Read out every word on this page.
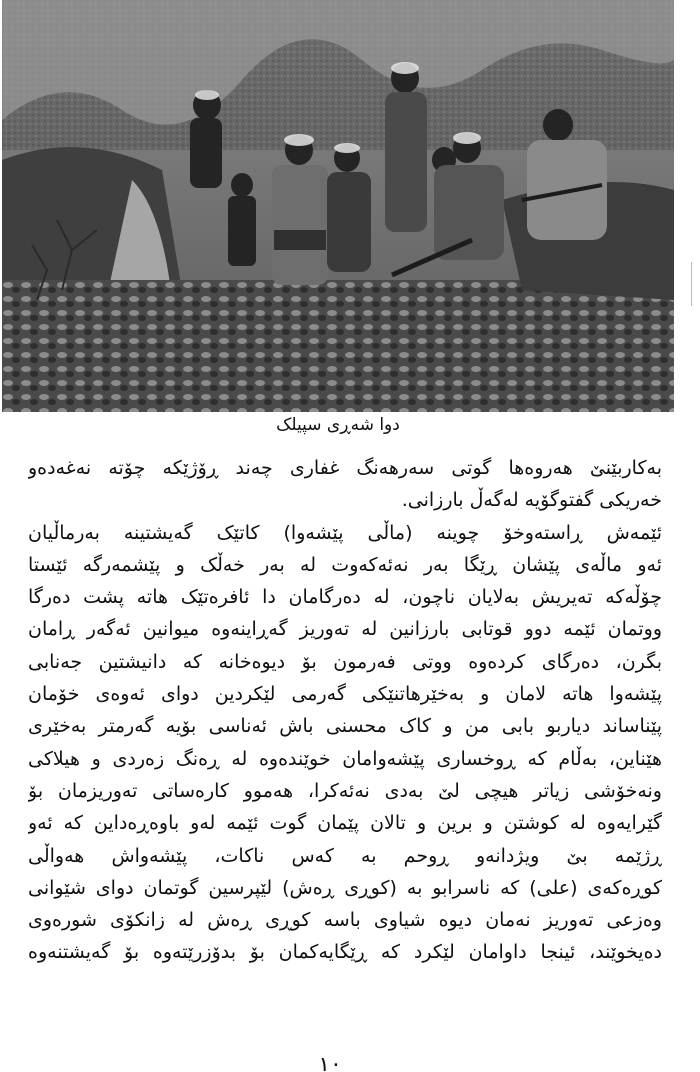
دوا شەڕی سپیلک
بەکاربێنێ هەروەها گوتی سەرهەنگ غفاری چەند ڕۆژێکە چۆتە نەغەدەو
خەریکی گفتوگۆیە لەگەڵ بارزانی.
ئێمەش ڕاستەوخۆ چوینە (ماڵی پێشەوا) کاتێک گەیشتینە بەرماڵیان
ئەو ماڵەی پێشان ڕێگا بەر نەئەکەوت لە بەر خەڵک و پێشمەرگە ئێستا
چۆڵەکە تەیریش بەلایان ناچون، لە دەرگامان دا ئافرەتێک هاتە پشت دەرگا
ووتمان ئێمە دوو قوتابی بارزانین لە تەوریز گەڕاینەوە میوانین ئەگەر ڕامان
بگرن، دەرگای کردەوە ووتی فەرمون بۆ دیوەخانە کە دانیشتین جەنابی
پێشەوا هاتە لامان و بەخێرهاتنێکی گەرمی لێکردین دوای ئەوەی خۆمان
پێناساند دیاربو بابی من و کاک محسنی باش ئەناسی بۆیە گەرمتر بەخێری
هێناین، بەڵام کە ڕوخساری پێشەوامان خوێندەوە لە ڕەنگ زەردی و هیلاکی
ونەخۆشی زیاتر هیچی لێ بەدی نەئەکرا، هەموو کارەساتی تەوریزمان بۆ
گێرایەوە لە کوشتن و برین و تالان پێمان گوت ئێمە لەو باوەڕەداین کە ئەو
ڕژێمە بێ ویژدانەو ڕوحم بە کەس ناکات، پێشەواش هەواڵی
کوڕەکەی (علی) کە ناسرابو بە (کوڕی ڕەش) لێپرسین گوتمان دوای شێوانی
وەزعی تەوریز نەمان دیوە شیاوی باسە کوڕی ڕەش لە زانکۆی شورەوی
دەیخوێند، ئینجا داوامان لێکرد کە ڕێگایەکمان بۆ بدۆزرێتەوە بۆ گەیشتنەوە
١٠
